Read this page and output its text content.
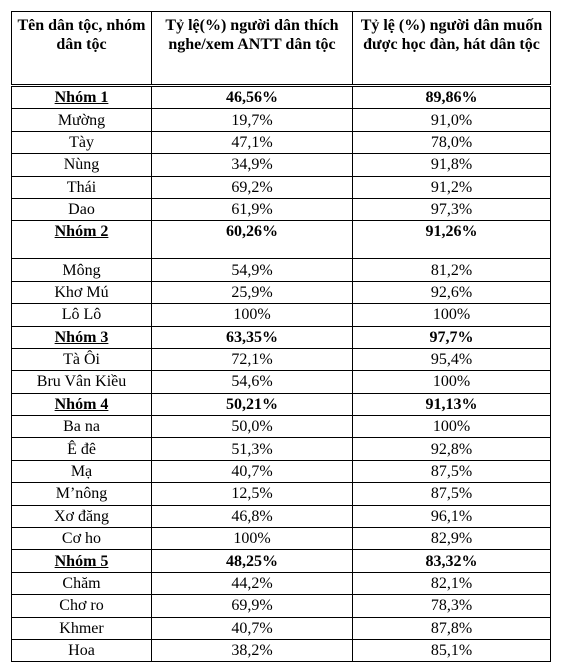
Tên dân tộc, nhóm dân tộc	Tỷ lệ(%) người dân thích nghe/xem ANTT dân tộc	Tỷ lệ (%) người dân muốn được học đàn, hát dân tộc
Nhóm 1	46,56%	89,86%
Mường	19,7%	91,0%
Tày	47,1%	78,0%
Nùng	34,9%	91,8%
Thái	69,2%	91,2%
Dao	61,9%	97,3%
Nhóm 2	60,26%	91,26%
Mông	54,9%	81,2%
Khơ Mú	25,9%	92,6%
Lô Lô	100%	100%
Nhóm 3	63,35%	97,7%
Tà Ôi	72,1%	95,4%
Bru Vân Kiều	54,6%	100%
Nhóm 4	50,21%	91,13%
Ba na	50,0%	100%
Ê đê	51,3%	92,8%
Mạ	40,7%	87,5%
M’nông	12,5%	87,5%
Xơ đăng	46,8%	96,1%
Cơ ho	100%	82,9%
Nhóm 5	48,25%	83,32%
Chăm	44,2%	82,1%
Chơ ro	69,9%	78,3%
Khmer	40,7%	87,8%
Hoa	38,2%	85,1%
